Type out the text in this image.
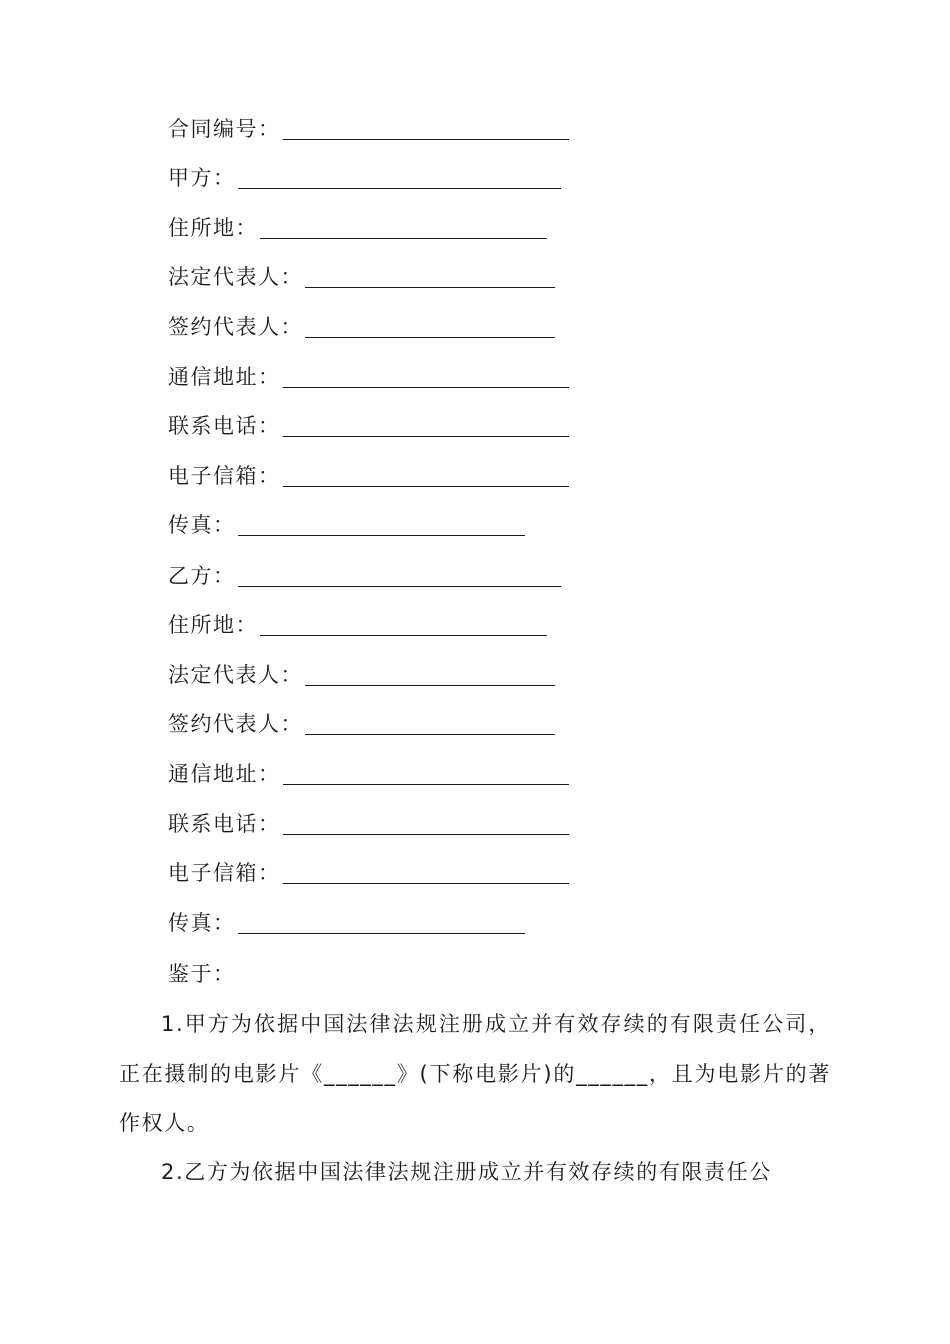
合同编号：
甲方：
住所地：
法定代表人：
签约代表人：
通信地址：
联系电话：
电子信箱：
传真：
乙方：
住所地：
法定代表人：
签约代表人：
通信地址：
联系电话：
电子信箱：
传真：
鉴于：

1.甲方为依据中国法律法规注册成立并有效存续的有限责任公司，正在摄制的电影片《______》(下称电影片)的______，且为电影片的著作权人。

2.乙方为依据中国法律法规注册成立并有效存续的有限责任公
